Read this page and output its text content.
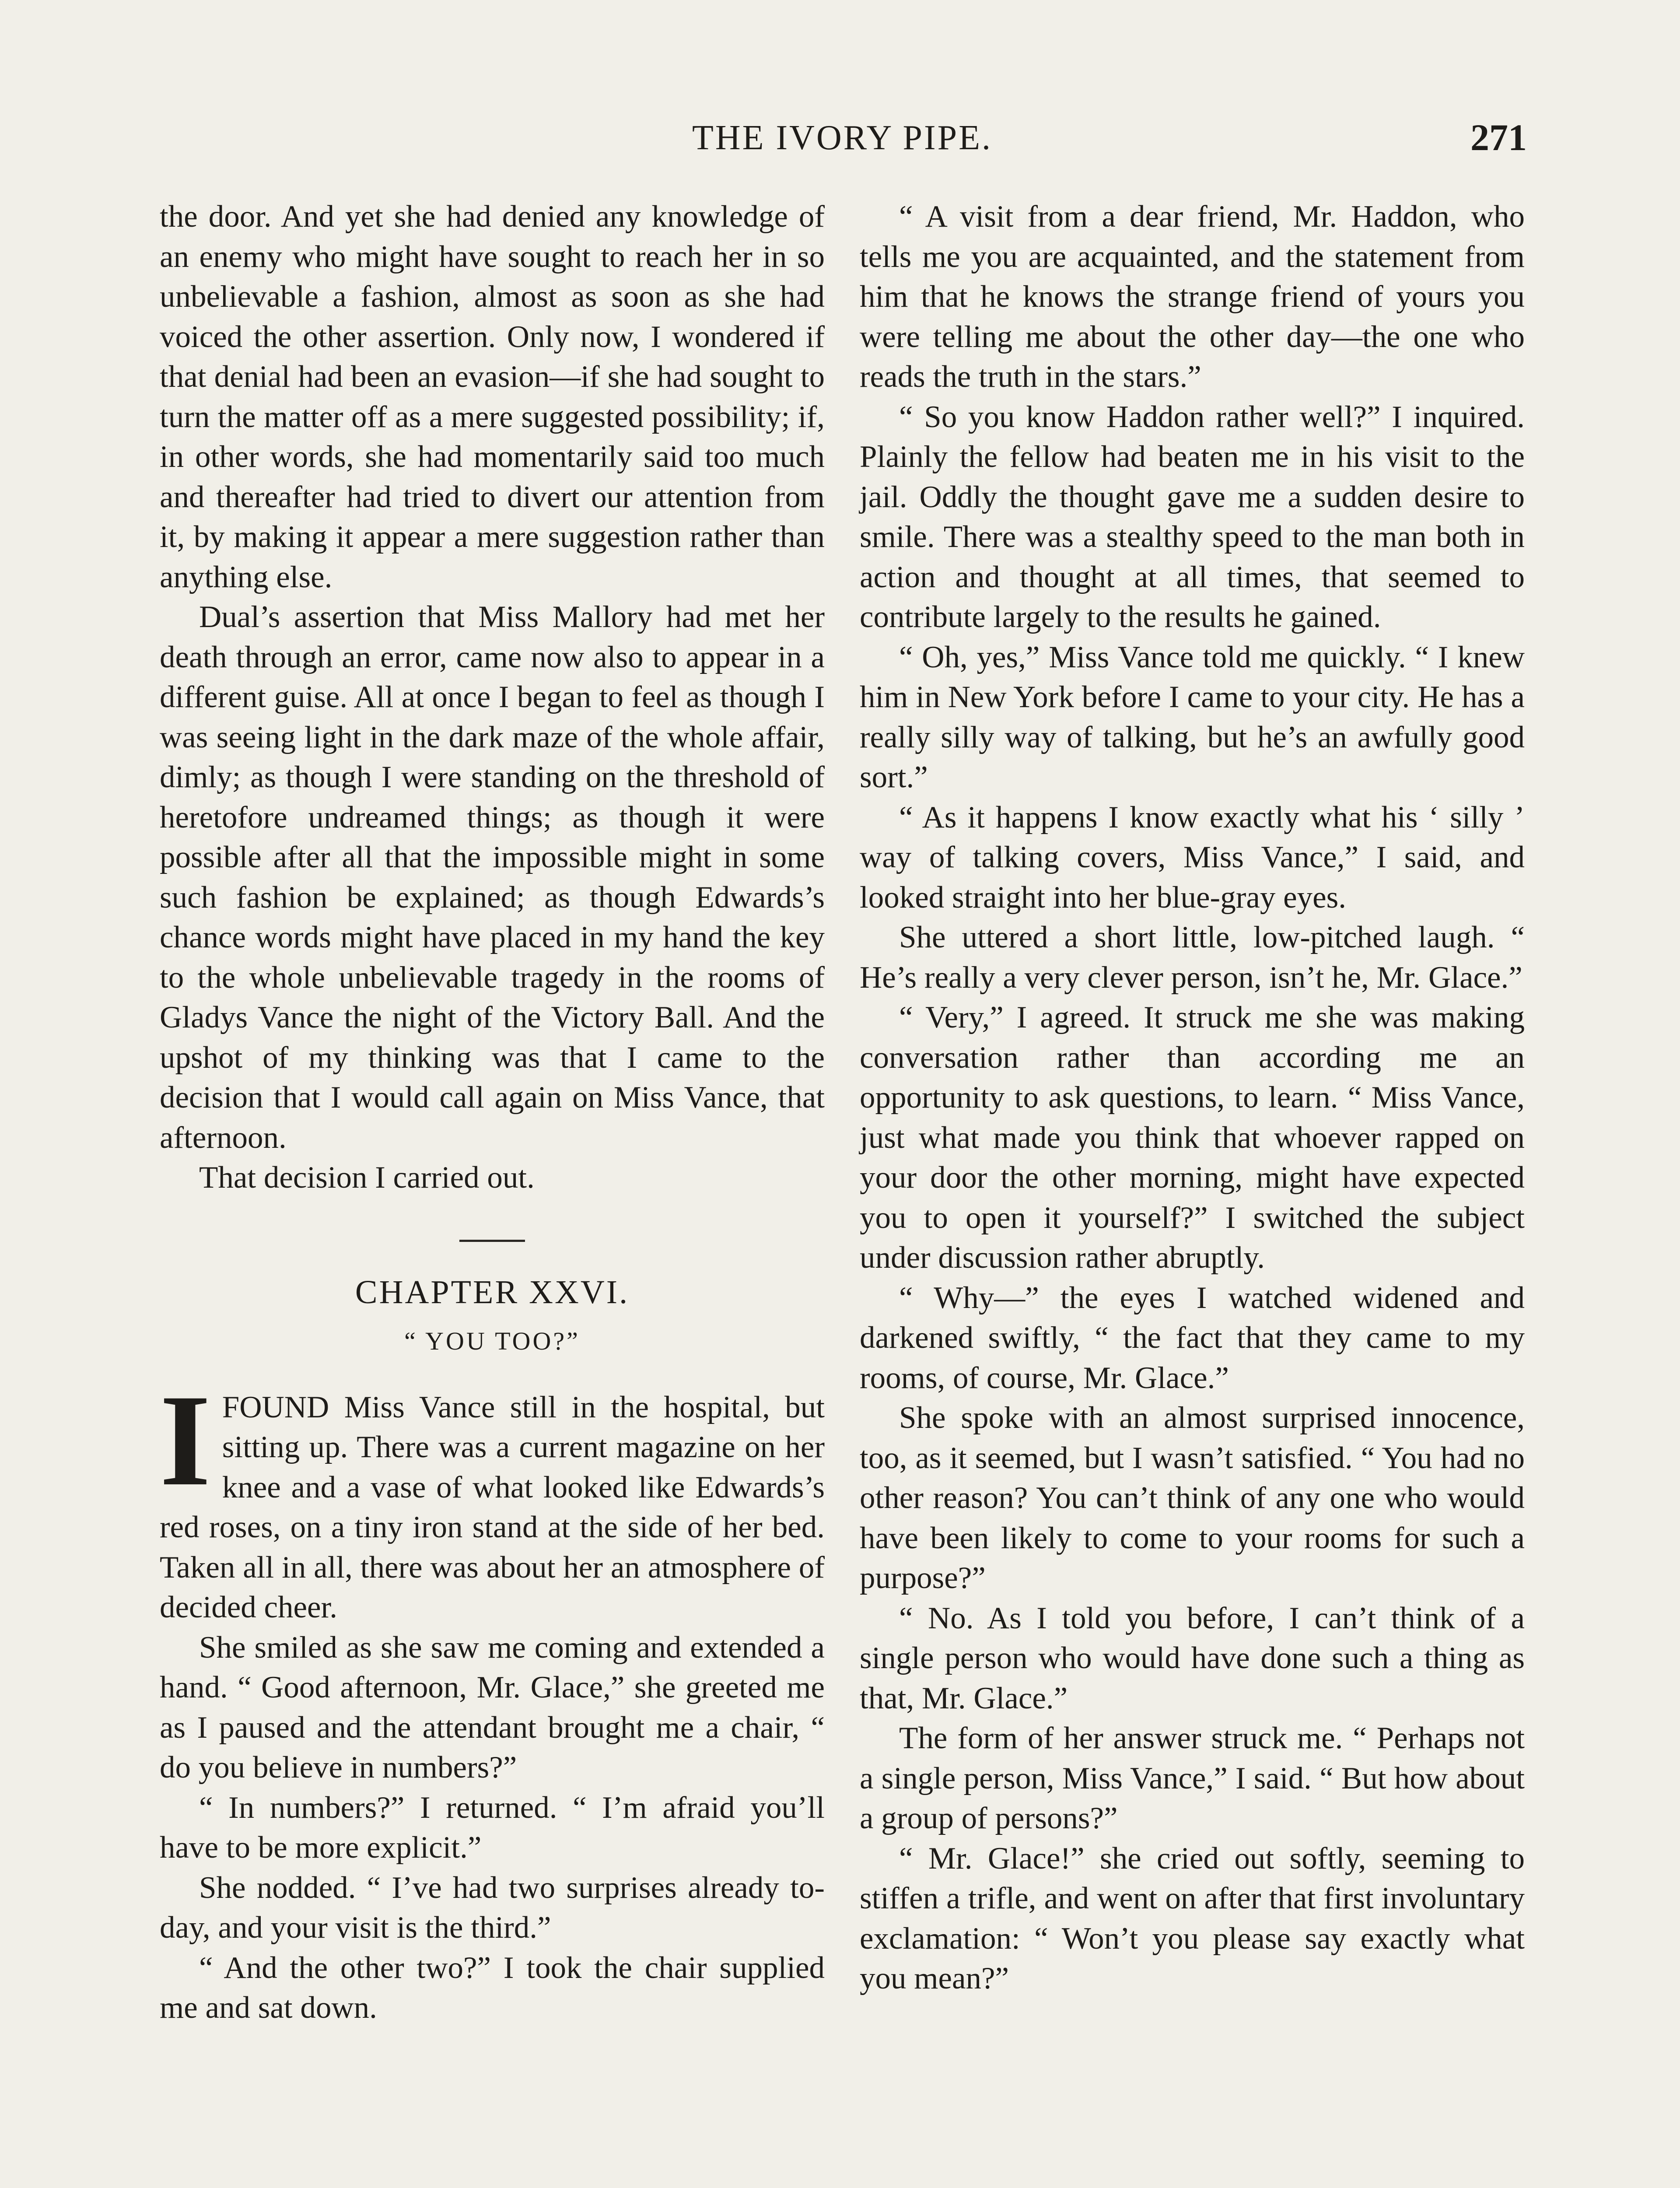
THE IVORY PIPE.	271

the door. And yet she had denied any knowledge of an enemy who might have sought to reach her in so unbelievable a fashion, almost as soon as she had voiced the other assertion. Only now, I wondered if that denial had been an evasion—if she had sought to turn the matter off as a mere suggested possibility; if, in other words, she had momentarily said too much and thereafter had tried to divert our attention from it, by making it appear a mere suggestion rather than anything else.

Dual’s assertion that Miss Mallory had met her death through an error, came now also to appear in a different guise. All at once I began to feel as though I was seeing light in the dark maze of the whole affair, dimly; as though I were standing on the threshold of heretofore undreamed things; as though it were possible after all that the impossible might in some such fashion be explained; as though Edwards’s chance words might have placed in my hand the key to the whole unbelievable tragedy in the rooms of Gladys Vance the night of the Victory Ball. And the upshot of my thinking was that I came to the decision that I would call again on Miss Vance, that afternoon.

That decision I carried out.

CHAPTER XXVI.
“ YOU TOO?”

IFOUND Miss Vance still in the hospital, but sitting up. There was a current magazine on her knee and a vase of what looked like Edwards’s red roses, on a tiny iron stand at the side of her bed. Taken all in all, there was about her an atmosphere of decided cheer.

She smiled as she saw me coming and extended a hand. “ Good afternoon, Mr. Glace,” she greeted me as I paused and the attendant brought me a chair, “ do you believe in numbers?”

“ In numbers?” I returned. “ I’m afraid you’ll have to be more explicit.”

She nodded. “ I’ve had two surprises already to-day, and your visit is the third.”

“ And the other two?” I took the chair supplied me and sat down.

“ A visit from a dear friend, Mr. Haddon, who tells me you are acquainted, and the statement from him that he knows the strange friend of yours you were telling me about the other day—the one who reads the truth in the stars.”

“ So you know Haddon rather well?” I inquired. Plainly the fellow had beaten me in his visit to the jail. Oddly the thought gave me a sudden desire to smile. There was a stealthy speed to the man both in action and thought at all times, that seemed to contribute largely to the results he gained.

“ Oh, yes,” Miss Vance told me quickly. “ I knew him in New York before I came to your city. He has a really silly way of talking, but he’s an awfully good sort.”

“ As it happens I know exactly what his ‘ silly ’ way of talking covers, Miss Vance,” I said, and looked straight into her blue-gray eyes.

She uttered a short little, low-pitched laugh. “ He’s really a very clever person, isn’t he, Mr. Glace.”

“ Very,” I agreed. It struck me she was making conversation rather than according me an opportunity to ask questions, to learn. “ Miss Vance, just what made you think that whoever rapped on your door the other morning, might have expected you to open it yourself?” I switched the subject under discussion rather abruptly.

“ Why—” the eyes I watched widened and darkened swiftly, “ the fact that they came to my rooms, of course, Mr. Glace.”

She spoke with an almost surprised innocence, too, as it seemed, but I wasn’t satisfied. “ You had no other reason? You can’t think of any one who would have been likely to come to your rooms for such a purpose?”

“ No. As I told you before, I can’t think of a single person who would have done such a thing as that, Mr. Glace.”

The form of her answer struck me. “ Perhaps not a single person, Miss Vance,” I said. “ But how about a group of persons?”

“ Mr. Glace!” she cried out softly, seeming to stiffen a trifle, and went on after that first involuntary exclamation: “ Won’t you please say exactly what you mean?”
